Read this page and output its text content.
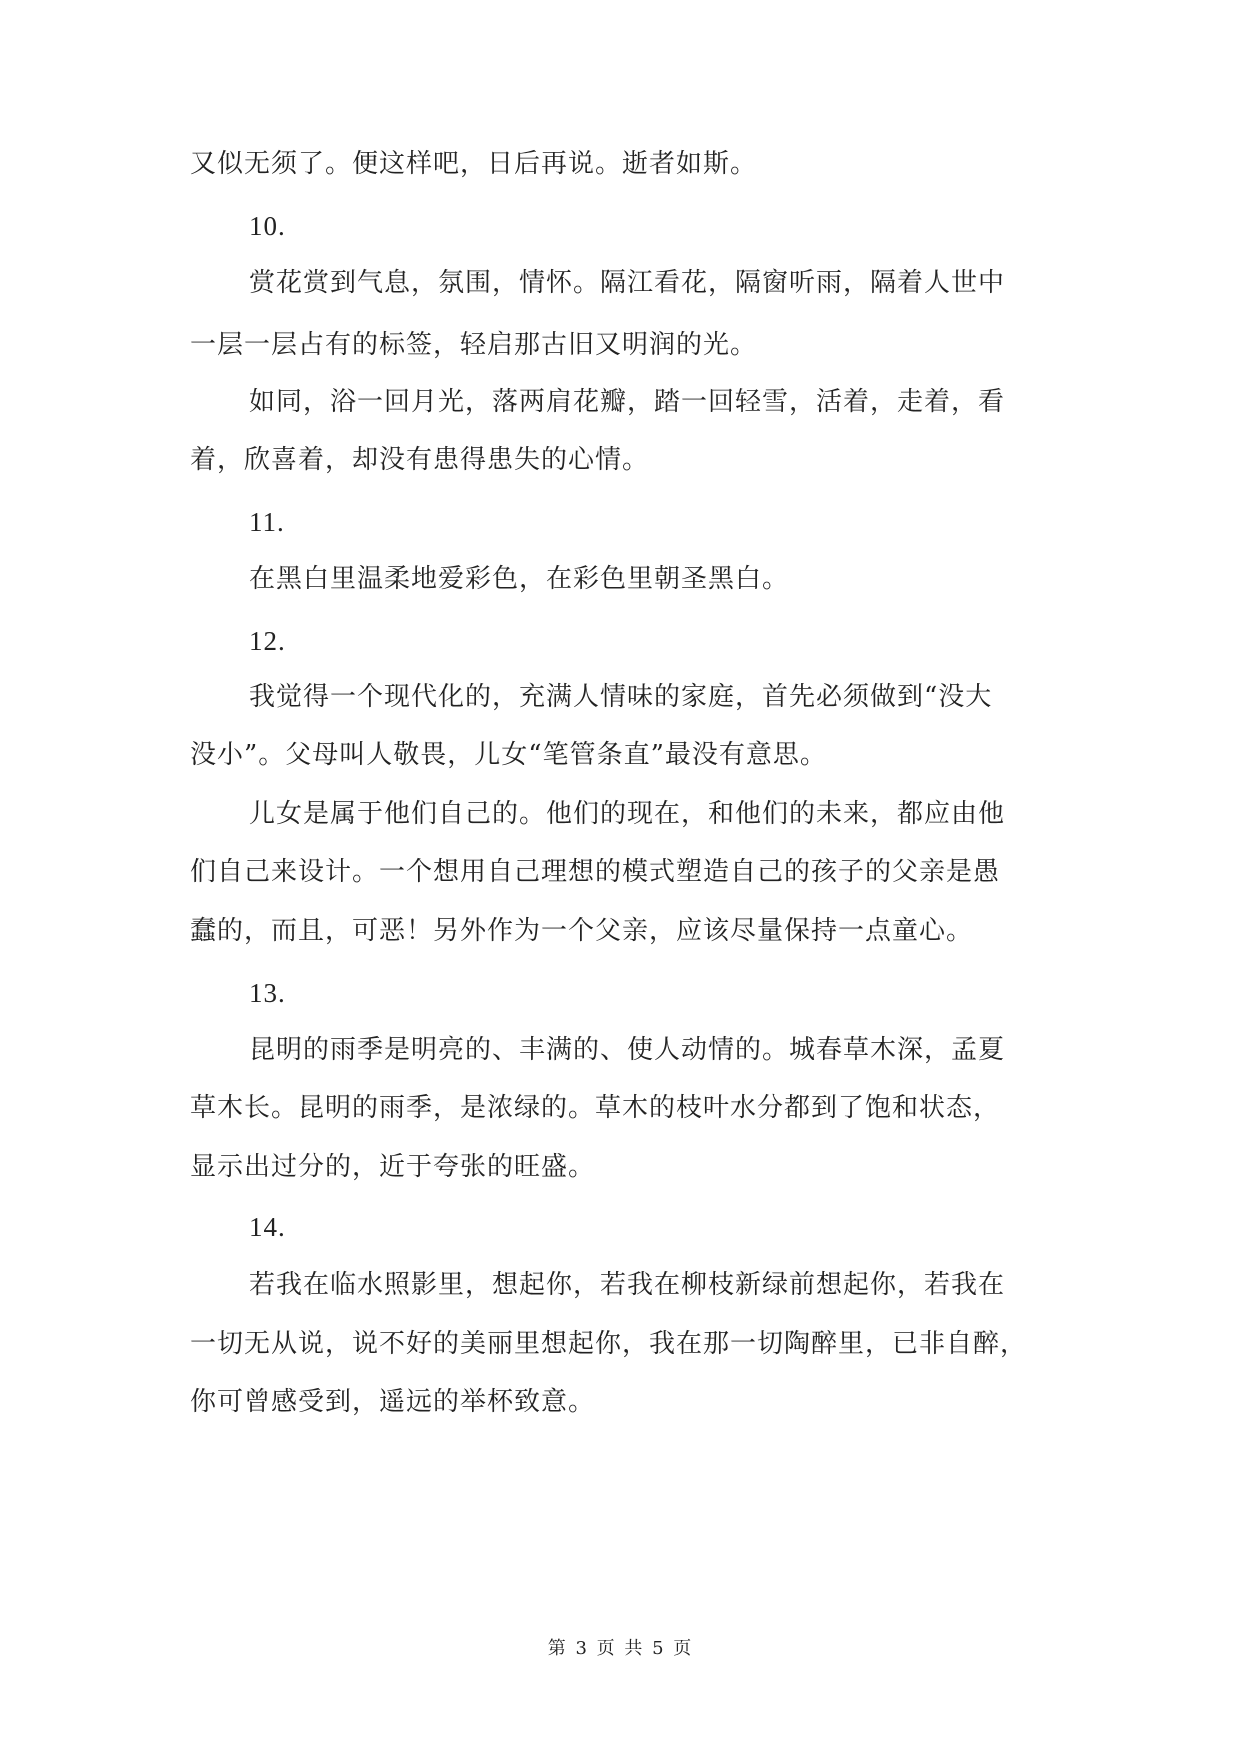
又似无须了。便这样吧，日后再说。逝者如斯。
10.
赏花赏到气息，氛围，情怀。隔江看花，隔窗听雨，隔着人世中
一层一层占有的标签，轻启那古旧又明润的光。
如同，浴一回月光，落两肩花瓣，踏一回轻雪，活着，走着，看
着，欣喜着，却没有患得患失的心情。
11.
在黑白里温柔地爱彩色，在彩色里朝圣黑白。
12.
我觉得一个现代化的，充满人情味的家庭，首先必须做到“没大
没小”。父母叫人敬畏，儿女“笔管条直”最没有意思。
儿女是属于他们自己的。他们的现在，和他们的未来，都应由他
们自己来设计。一个想用自己理想的模式塑造自己的孩子的父亲是愚
蠢的，而且，可恶！另外作为一个父亲，应该尽量保持一点童心。
13.
昆明的雨季是明亮的、丰满的、使人动情的。城春草木深，孟夏
草木长。昆明的雨季，是浓绿的。草木的枝叶水分都到了饱和状态，
显示出过分的，近于夸张的旺盛。
14.
若我在临水照影里，想起你，若我在柳枝新绿前想起你，若我在
一切无从说，说不好的美丽里想起你，我在那一切陶醉里，已非自醉，
你可曾感受到，遥远的举杯致意。
第 3 页 共 5 页
